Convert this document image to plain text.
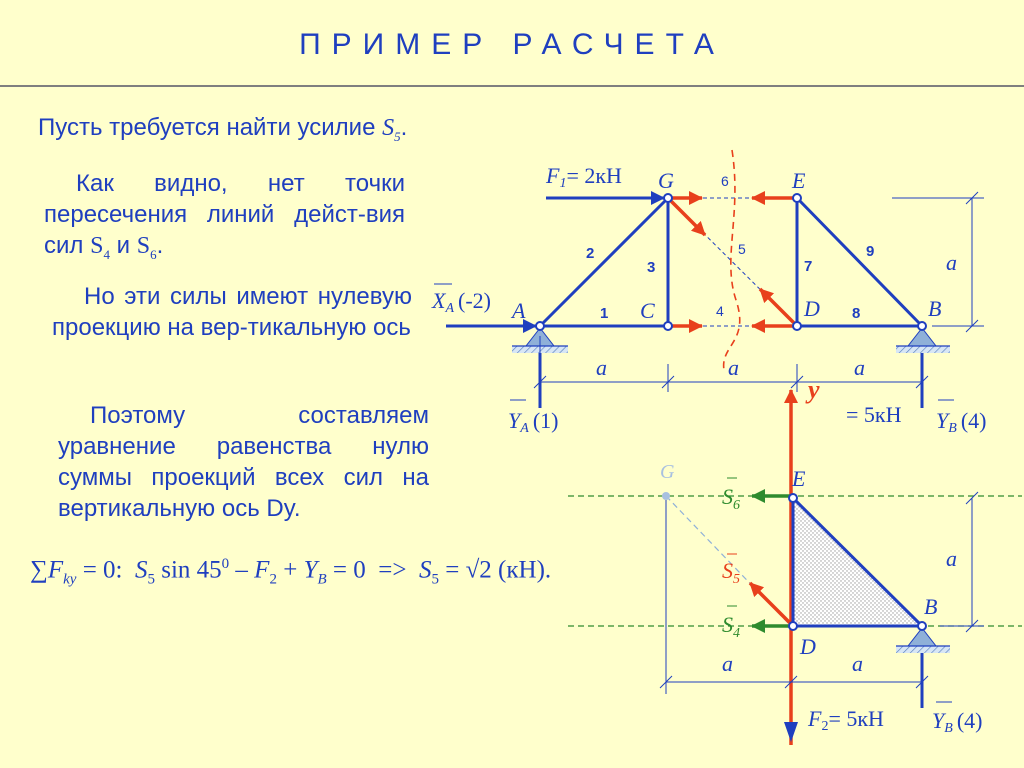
ПРИМЕР РАСЧЕТА
Пусть требуется найти усилие $S_5$.
Как видно, нет точки пересечения линий дейст-вия сил $S_4$ и $S_6$.
Но эти силы имеют нулевую проекцию на вер-тикальную ось
Поэтому составляем уравнение равенства нулю суммы проекций всех сил на вертикальную ось Dy.
$\sum F_{ky} = 0$: $S_5$ $\sin 45^0 - F_2 + Y_B = 0 => S_5 = √2$ (кН).
F1= 2кН G	E
A	C	D	B
2
3
1
7
8
9
6
5
4
XA (-2)
YA (1)	YB (4)
= 5кН
a	a	a
a
y
G	E
D
B
$S_6$
$S_5$
$S_4$
a	a
a
F2= 5кН YB (4)
